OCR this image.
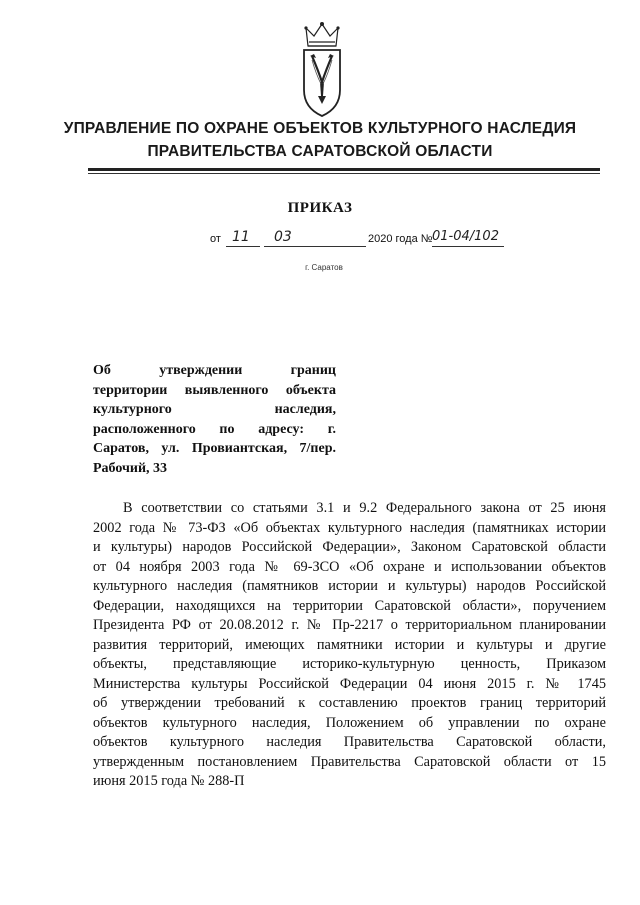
УПРАВЛЕНИЕ ПО ОХРАНЕ ОБЪЕКТОВ КУЛЬТУРНОГО НАСЛЕДИЯ
ПРАВИТЕЛЬСТВА САРАТОВСКОЙ ОБЛАСТИ
ПРИКАЗ
от 11 03	2020 года № 01-04/102
г. Саратов
Об утверждении границ
территории выявленного объекта
культурного наследия,
расположенного по адресу: г.
Саратов, ул. Провиантская, 7/пер.
Рабочий, 33
В соответствии со статьями 3.1 и 9.2 Федерального закона от 25 июня
2002 года № 73-ФЗ «Об объектах культурного наследия (памятниках истории
и культуры) народов Российской Федерации», Законом Саратовской области
от 04 ноября 2003 года № 69-ЗСО «Об охране и использовании объектов
культурного наследия (памятников истории и культуры) народов Российской
Федерации, находящихся на территории Саратовской области», поручением
Президента РФ от 20.08.2012 г. № Пр-2217 о территориальном планировании
развития территорий, имеющих памятники истории и культуры и другие
объекты, представляющие историко-культурную ценность, Приказом
Министерства культуры Российской Федерации 04 июня 2015 г. № 1745
об утверждении требований к составлению проектов границ территорий
объектов культурного наследия, Положением об управлении по охране
объектов культурного наследия Правительства Саратовской области,
утвержденным постановлением Правительства Саратовской области от 15
июня 2015 года № 288-П
